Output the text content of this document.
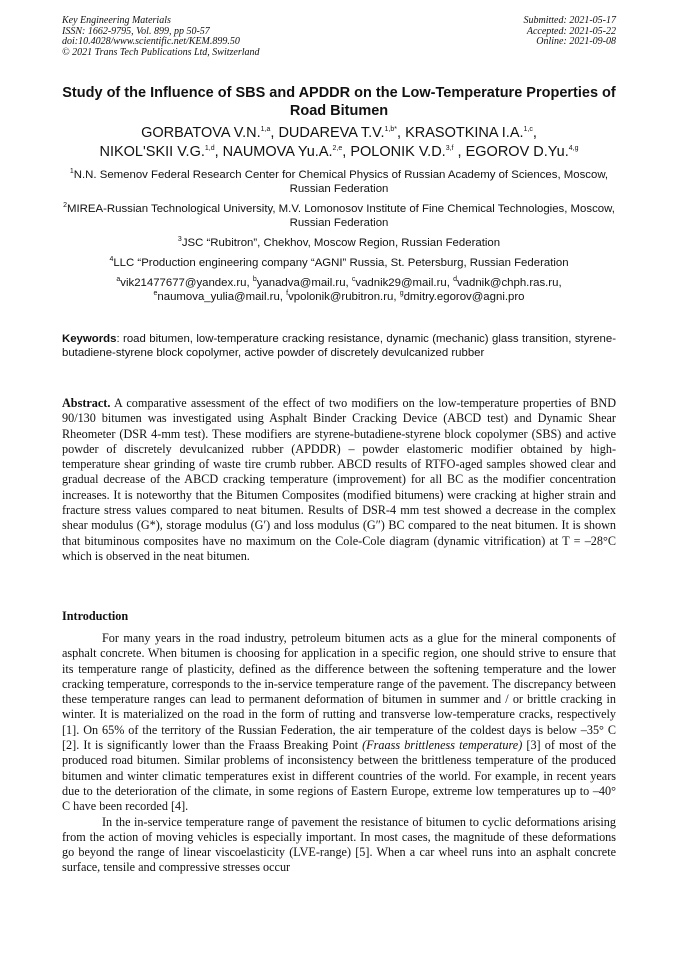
Key Engineering Materials
ISSN: 1662-9795, Vol. 899, pp 50-57
doi:10.4028/www.scientific.net/KEM.899.50
© 2021 Trans Tech Publications Ltd, Switzerland
Submitted: 2021-05-17
Accepted: 2021-05-22
Online: 2021-09-08
Study of the Influence of SBS and APDDR on the Low-Temperature Properties of Road Bitumen
GORBATOVA V.N.$^{1,a}$, DUDAREVA T.V.$^{1,b*}$, KRASOTKINA I.A.$^{1,c}$,
NIKOL'SKII V.G.$^{1,d}$, NAUMOVA Yu.A.$^{2,e}$, POLONIK V.D.$^{3,f}$ , EGOROV D.Yu.$^{4,g}$

$^1$N.N. Semenov Federal Research Center for Chemical Physics of Russian Academy of Sciences, Moscow, Russian Federation

$^2$MIREA-Russian Technological University, M.V. Lomonosov Institute of Fine Chemical Technologies, Moscow, Russian Federation

$^3$JSC “Rubitron”, Chekhov, Moscow Region, Russian Federation

$^4$LLC “Production engineering company “AGNI” Russia, St. Petersburg, Russian Federation

$^a$vik21477677@yandex.ru, $^b$yanadva@mail.ru, $^c$vadnik29@mail.ru, $^d$vadnik@chph.ras.ru,
$^e$naumova_yulia@mail.ru, $^f$vpolonik@rubitron.ru, $^g$dmitry.egorov@agni.pro

Keywords: road bitumen, low-temperature cracking resistance, dynamic (mechanic) glass transition, styrene-butadiene-styrene block copolymer, active powder of discretely devulcanized rubber
Abstract. A comparative assessment of the effect of two modifiers on the low-temperature properties of BND 90/130 bitumen was investigated using Asphalt Binder Cracking Device (ABCD test) and Dynamic Shear Rheometer (DSR 4-mm test). These modifiers are styrene-butadiene-styrene block copolymer (SBS) and active powder of discretely devulcanized rubber (APDDR) – powder elastomeric modifier obtained by high-temperature shear grinding of waste tire crumb rubber. ABCD results of RTFO-aged samples showed clear and gradual decrease of the ABCD cracking temperature (improvement) for all BC as the modifier concentration increases. It is noteworthy that the Bitumen Composites (modified bitumens) were cracking at higher strain and fracture stress values compared to neat bitumen. Results of DSR-4 mm test showed a decrease in the complex shear modulus (G*), storage modulus (G′) and loss modulus (G″) BC compared to the neat bitumen. It is shown that bituminous composites have no maximum on the Cole-Cole diagram (dynamic vitrification) at T = –28°C which is observed in the neat bitumen.
Introduction

For many years in the road industry, petroleum bitumen acts as a glue for the mineral components of asphalt concrete. When bitumen is choosing for application in a specific region, one should strive to ensure that its temperature range of plasticity, defined as the difference between the softening temperature and the lower cracking temperature, corresponds to the in-service temperature range of the pavement. The discrepancy between these temperature ranges can lead to permanent deformation of bitumen in summer and / or brittle cracking in winter. It is materialized on the road in the form of rutting and transverse low-temperature cracks, respectively [1]. On 65% of the territory of the Russian Federation, the air temperature of the coldest days is below –35° C [2]. It is significantly lower than the Fraass Breaking Point (Fraass brittleness temperature) [3] of most of the produced road bitumen. Similar problems of inconsistency between the brittleness temperature of the produced bitumen and winter climatic temperatures exist in different countries of the world. For example, in recent years due to the deterioration of the climate, in some regions of Eastern Europe, extreme low temperatures up to –40° C have been recorded [4].

In the in-service temperature range of pavement the resistance of bitumen to cyclic deformations arising from the action of moving vehicles is especially important. In most cases, the magnitude of these deformations go beyond the range of linear viscoelasticity (LVE-range) [5]. When a car wheel runs into an asphalt concrete surface, tensile and compressive stresses occur
